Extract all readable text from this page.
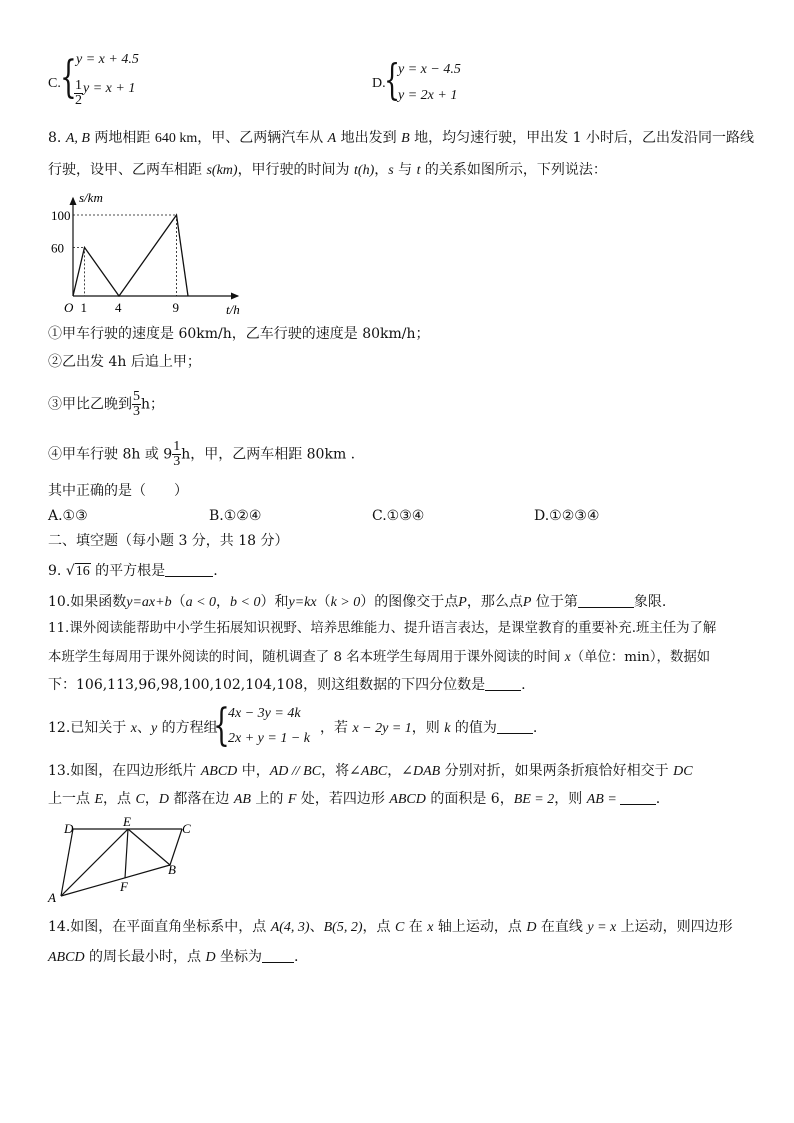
C. { y = x + 4.5
$\frac{1}{2}$ y = x + 1	D.
{
y = x − 4.5
y = 2x + 1
8. A, B 两地相距 640 km，甲、乙两辆汽车从 A 地出发到 B 地，均匀速行驶，甲出发 1 小时后，乙出发沿同一路线
行驶，设甲、乙两车相距 s(km)，甲行驶的时间为 t(h)，s 与 t 的关系如图所示，下列说法：
60
100
1 4	9
O
s/km
t/h
①甲车行驶的速度是 60km/h，乙车行驶的速度是 80km/h；
②乙出发 4h 后追上甲；
③甲比乙晚到 $\frac{5}{3}$ h；
④甲车行驶 8h 或 $9 \frac{1}{3}$ h，甲，乙两车相距 80km .
其中正确的是（　　）
A.①③	B.①②④	C.①③④	D.①②③④
二、填空题（每小题 3 分，共 18 分）
9. √16 的平方根是	.
10.如果函数y=ax+b（a < 0，b < 0）和y=kx（k > 0）的图像交于点P，那么点P 位于第	象限.
11.课外阅读能帮助中小学生拓展知识视野、培养思维能力、提升语言表达，是课堂教育的重要补充.班主任为了解
本班学生每周用于课外阅读的时间，随机调查了 8 名本班学生每周用于课外阅读的时间 x（单位：min），数据如
下：106,113,96,98,100,102,104,108，则这组数据的下四分位数是	.
12.已知关于 x、y 的方程组
{
4x − 3y = 4k
2x + y = 1 − k
，若 x − 2y = 1，则 k 的值为	.
13.如图，在四边形纸片 ABCD 中，AD // BC，将∠ABC，∠DAB 分别对折，如果两条折痕恰好相交于 DC
上一点 E，点 C，D 都落在边 AB 上的 F 处，若四边形 ABCD 的面积是 6，BE = 2，则 AB =	.
D	E	C
A
F
B
14.如图，在平面直角坐标系中，点 A(4, 3)、B(5, 2)，点 C 在 x 轴上运动，点 D 在直线 y = x 上运动，则四边形
ABCD 的周长最小时，点 D 坐标为 .
